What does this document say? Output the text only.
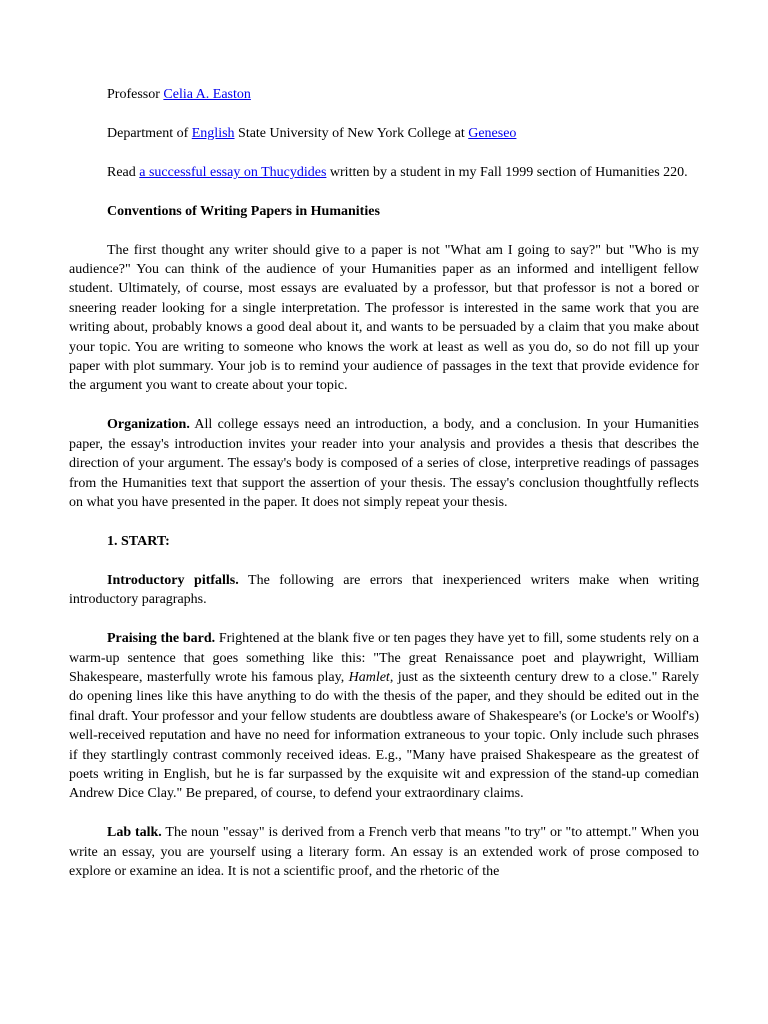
Professor Celia A. Easton

Department of English State University of New York College at Geneseo

Read a successful essay on Thucydides written by a student in my Fall 1999 section of Humanities 220.

Conventions of Writing Papers in Humanities

The first thought any writer should give to a paper is not "What am I going to say?" but "Who is my audience?" You can think of the audience of your Humanities paper as an informed and intelligent fellow student. Ultimately, of course, most essays are evaluated by a professor, but that professor is not a bored or sneering reader looking for a single interpretation. The professor is interested in the same work that you are writing about, probably knows a good deal about it, and wants to be persuaded by a claim that you make about your topic. You are writing to someone who knows the work at least as well as you do, so do not fill up your paper with plot summary. Your job is to remind your audience of passages in the text that provide evidence for the argument you want to create about your topic.

Organization. All college essays need an introduction, a body, and a conclusion. In your Humanities paper, the essay's introduction invites your reader into your analysis and provides a thesis that describes the direction of your argument. The essay's body is composed of a series of close, interpretive readings of passages from the Humanities text that support the assertion of your thesis. The essay's conclusion thoughtfully reflects on what you have presented in the paper. It does not simply repeat your thesis.

1. START:

Introductory pitfalls. The following are errors that inexperienced writers make when writing introductory paragraphs.

Praising the bard. Frightened at the blank five or ten pages they have yet to fill, some students rely on a warm-up sentence that goes something like this: "The great Renaissance poet and playwright, William Shakespeare, masterfully wrote his famous play, Hamlet, just as the sixteenth century drew to a close." Rarely do opening lines like this have anything to do with the thesis of the paper, and they should be edited out in the final draft. Your professor and your fellow students are doubtless aware of Shakespeare's (or Locke's or Woolf's) well-received reputation and have no need for information extraneous to your topic. Only include such phrases if they startlingly contrast commonly received ideas. E.g., "Many have praised Shakespeare as the greatest of poets writing in English, but he is far surpassed by the exquisite wit and expression of the stand-up comedian Andrew Dice Clay." Be prepared, of course, to defend your extraordinary claims.

Lab talk. The noun "essay" is derived from a French verb that means "to try" or "to attempt." When you write an essay, you are yourself using a literary form. An essay is an extended work of prose composed to explore or examine an idea. It is not a scientific proof, and the rhetoric of the
